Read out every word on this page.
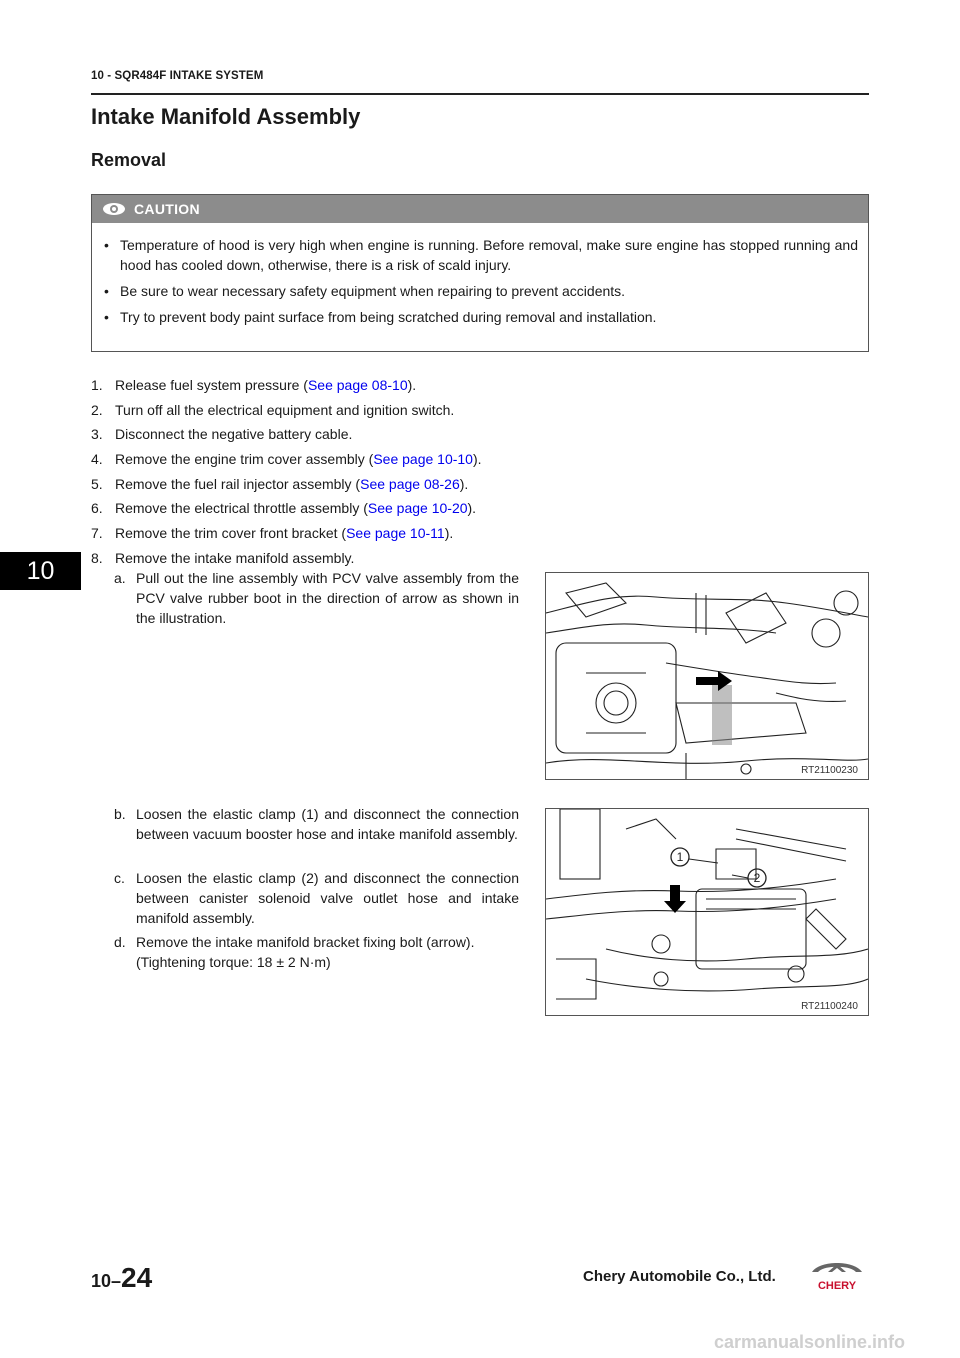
10 - SQR484F INTAKE SYSTEM
Intake Manifold Assembly
Removal
10
CAUTION
• Temperature of hood is very high when engine is running. Before removal, make sure engine has stopped running and hood has cooled down, otherwise, there is a risk of scald injury.
• Be sure to wear necessary safety equipment when repairing to prevent accidents.
• Try to prevent body paint surface from being scratched during removal and installation.
1. Release fuel system pressure (See page 08-10).
2. Turn off all the electrical equipment and ignition switch.
3. Disconnect the negative battery cable.
4. Remove the engine trim cover assembly (See page 10-10).
5. Remove the fuel rail injector assembly (See page 08-26).
6. Remove the electrical throttle assembly (See page 10-20).
7. Remove the trim cover front bracket (See page 10-11).
8. Remove the intake manifold assembly.
a. Pull out the line assembly with PCV valve assembly from the PCV valve rubber boot in the direction of arrow as shown in the illustration.
b. Loosen the elastic clamp (1) and disconnect the connection between vacuum booster hose and intake manifold assembly.
c. Loosen the elastic clamp (2) and disconnect the connection between canister solenoid valve outlet hose and intake manifold assembly.
d. Remove the intake manifold bracket fixing bolt (arrow).
(Tightening torque: 18 ± 2 N·m)
RT21100230
1
2
RT21100240
10–24	Chery Automobile Co., Ltd.
CHERY
carmanualsonline.info
